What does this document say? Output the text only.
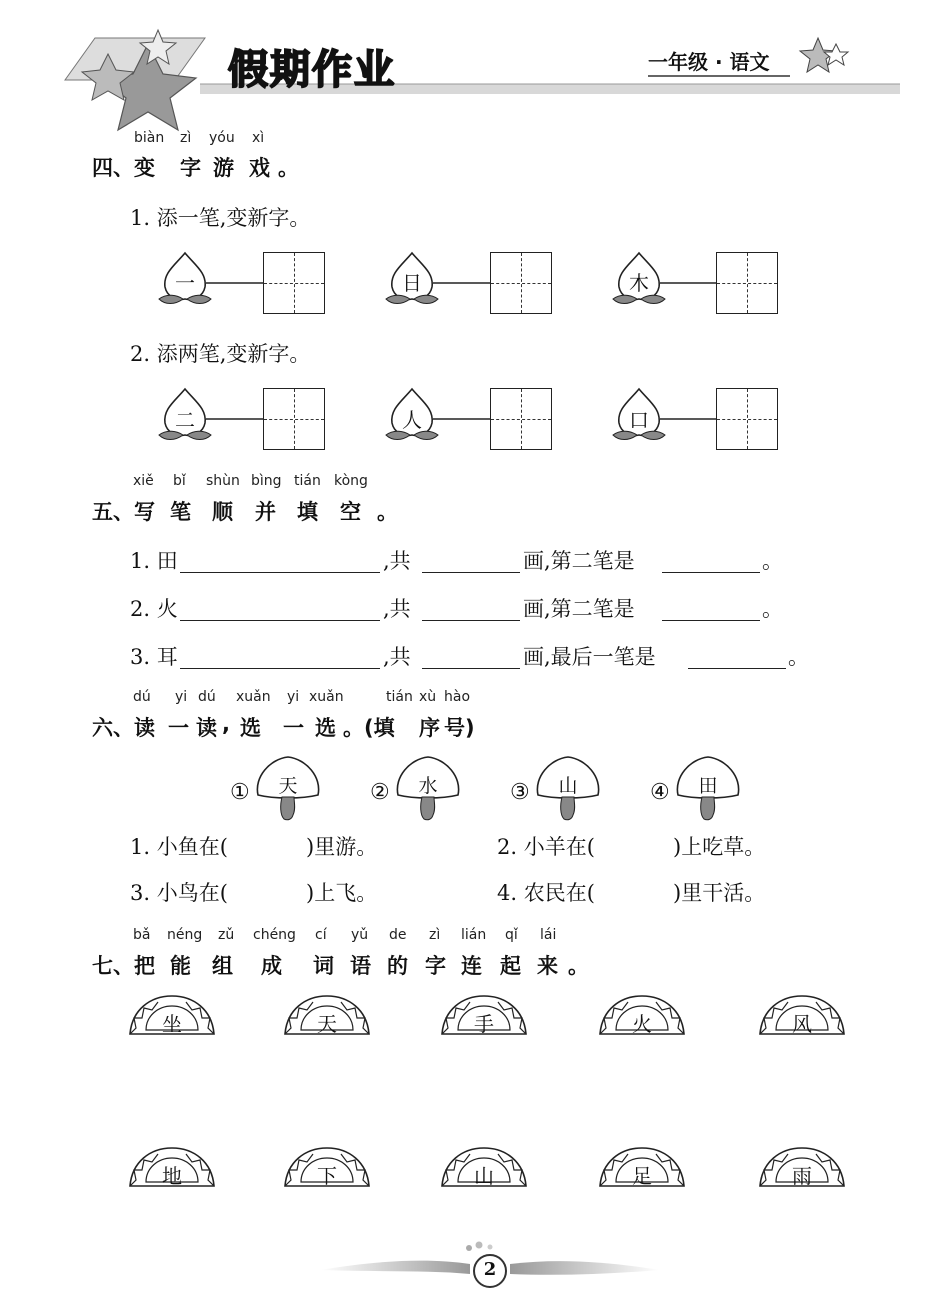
假期作业	一年级 · 语文
biàn zì yóu xì
四、变 字 游 戏 。
1. 添一笔,变新字。
一	日	木
2. 添两笔,变新字。
二	人	口
xiě bǐ shùn bìng tián kòng
五、写 笔 顺 并 填 空 。
1. 田	,共	画,第二笔是	。
2. 火	,共	画,第二笔是	。
3. 耳	,共	画,最后一笔是	。
dú yi dú xuǎn yi xuǎn	tián xù hào
六、读 一 读 , 选 一 选 。(填 序 号)
① 天	② 水	③ 山	④ 田
1. 小鱼在(	)里游。	2. 小羊在(	)上吃草。
3. 小鸟在(	)上飞。	4. 农民在(	)里干活。
bǎ néng zǔ chéng cí yǔ de zì lián qǐ lái
七、把 能 组 成 词 语 的 字 连 起 来 。
坐	天	手	火	风
地	下	山	足	雨
2
